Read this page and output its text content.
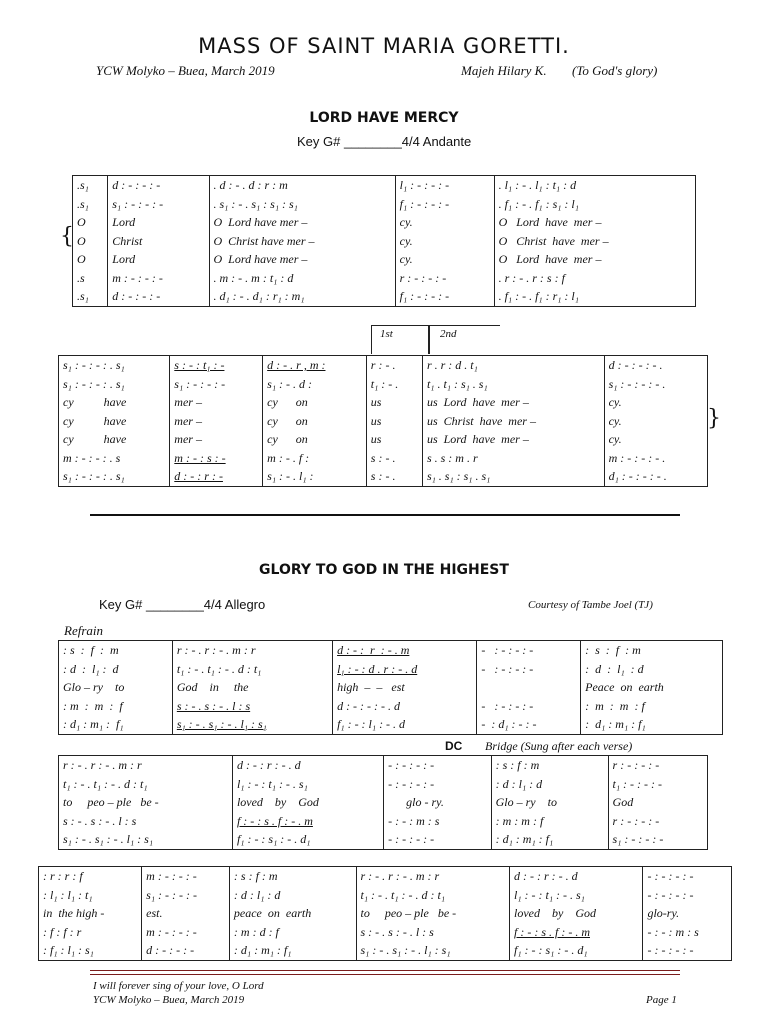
MASS OF SAINT MARIA GORETTI.
YCW Molyko – Buea, March 2019	Majeh Hilary K. (To God's glory)
LORD HAVE MERCY
Key G# ________4/4 Andante
{
.s₁	d : - : - : -	. d : - . d : r : m	l₁ : - : - : -	. l₁ : - . l₁ : t₁ : d
.s₁	s₁ : - : - : -	. s₁ : - . s₁ : s₁ : s₁	f₁ : - : - : -	. f₁ : - . f₁ : s₁ : l₁
O	Lord	O  Lord have mer –	cy.	O   Lord  have  mer –
O	Christ	O  Christ have mer –	cy.	O   Christ  have  mer –
O	Lord	O  Lord have mer –	cy.	O   Lord  have  mer –
.s	m : - : - : -	. m : - . m : t₁ : d	r : - : - : -	. r : - . r : s : f
.s₁	d : - : - : -	. d₁ : - . d₁ : r₁ : m₁	f₁ : - : - : -	. f₁ : - . f₁ : r₁ : l₁
1st	2nd
s₁ : - : - : . s₁	s : - : t₁ : -	d : - . r , m :	r : - .	r . r : d . t₁	d : - : - : - .
s₁ : - : - : . s₁	s₁ : - : - : -	s₁ : - . d :	t₁ : - .	t₁ . t₁ : s₁ . s₁	s₁ : - : - : - .
cy          have	mer –	cy      on	us	us  Lord  have  mer –	cy.
cy          have	mer –	cy      on	us	us  Christ  have  mer –	cy.
cy          have	mer –	cy      on	us	us  Lord  have  mer –	cy.
m : - : - : . s	m : - : s : -	m : - . f :	s : - .	s . s : m . r	m : - : - : - .
s₁ : - : - : . s₁	d : - : r : -	s₁ : - . l₁ :	s : - .	s₁ . s₁ : s₁ . s₁	d₁ : - : - : - .
}
GLORY TO GOD IN THE HIGHEST
Key G# ________4/4 Allegro	Courtesy of Tambe Joel (TJ)
Refrain
: s  :  f  :  m	r : - . r : - . m : r	d : - :  r  : - . m	-   : - : - : -	:  s  :  f  : m
: d  :  l₁ :  d	t₁ : - . t₁ : - . d : t₁	l₁ : - : d . r : - . d	-   : - : - : -	:  d  :  l₁  : d
Glo – ry    to	God    in     the	high  –  –   est		Peace  on  earth
: m  :  m  :  f	s : - . s : - . l : s	d : - : - : - . d	-   : - : - : -	:  m  :  m  : f
: d₁ : m₁ :  f₁	s₁ : - . s₁ : - . l₁ : s₁	f₁ : - : l₁ : - . d	-  : d₁ : - : -	:  d₁ : m₁ : f₁
DC Bridge (Sung after each verse)
r : - . r : - . m : r	d : - : r : - . d	- : - : - : -	: s : f : m	r : - : - : -
t₁ : - . t₁ : - . d : t₁	l₁ : - : t₁ : - . s₁	- : - : - : -	: d : l₁ : d	t₁ : - : - : -
to     peo – ple   be -	loved    by    God	glo - ry.	Glo – ry    to	God
s : - . s : - . l : s	f : - : s . f : - . m	- : - : m : s	: m : m : f	r : - : - : -
s₁ : - . s₁ : - . l₁ : s₁	f₁ : - : s₁ : - . d₁	- : - : - : -	: d₁ : m₁ : f₁	s₁ : - : - : -
: r : r : f	m : - : - : -	: s : f : m	r : - . r : - . m : r	d : - : r : - . d	- : - : - : -
: l₁ : l₁ : t₁	s₁ : - : - : -	: d : l₁ : d	t₁ : - . t₁ : - . d : t₁	l₁ : - : t₁ : - . s₁	- : - : - : -
in  the high -	est.	peace  on  earth	to     peo – ple   be -	loved    by    God	glo-ry.
: f : f : r	m : - : - : -	: m : d : f	s : - . s : - . l : s	f : - : s . f : - . m	- : - : m : s
: f₁ : l₁ : s₁	d : - : - : -	: d₁ : m₁ : f₁	s₁ : - . s₁ : - . l₁ : s₁	f₁ : - : s₁ : - . d₁	- : - : - : -
I will forever sing of your love, O Lord
YCW Molyko – Buea, March 2019	Page 1
